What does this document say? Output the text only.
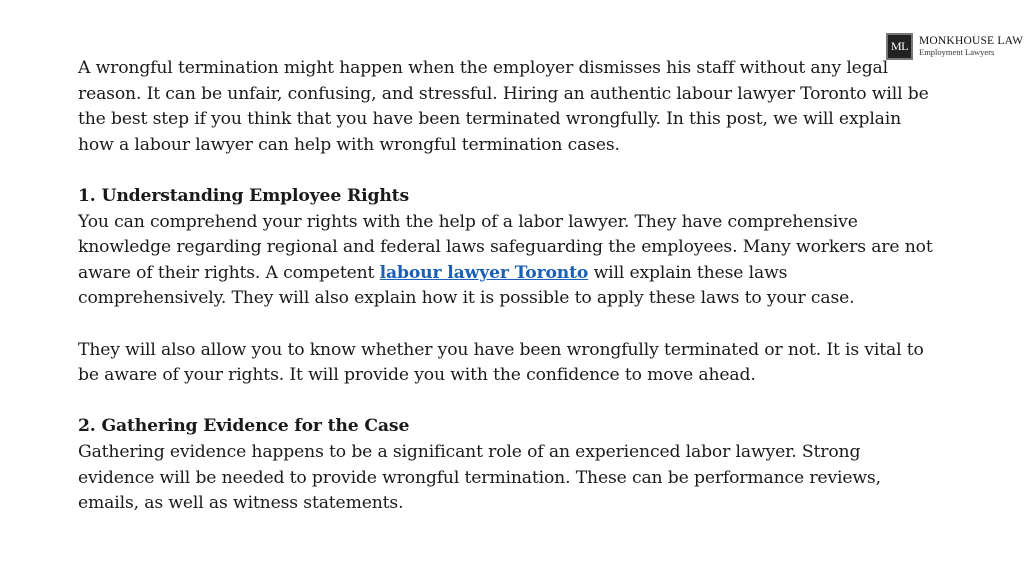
ML MONKHOUSE LAW
Employment Lawyers

A wrongful termination might happen when the employer dismisses his staff without any legal reason. It can be unfair, confusing, and stressful. Hiring an authentic labour lawyer Toronto will be the best step if you think that you have been terminated wrongfully. In this post, we will explain how a labour lawyer can help with wrongful termination cases.

1. Understanding Employee Rights

You can comprehend your rights with the help of a labor lawyer. They have comprehensive knowledge regarding regional and federal laws safeguarding the employees. Many workers are not aware of their rights. A competent labour lawyer Toronto will explain these laws comprehensively. They will also explain how it is possible to apply these laws to your case.

They will also allow you to know whether you have been wrongfully terminated or not. It is vital to be aware of your rights. It will provide you with the confidence to move ahead.

2. Gathering Evidence for the Case

Gathering evidence happens to be a significant role of an experienced labor lawyer. Strong evidence will be needed to provide wrongful termination. These can be performance reviews, emails, as well as witness statements.
